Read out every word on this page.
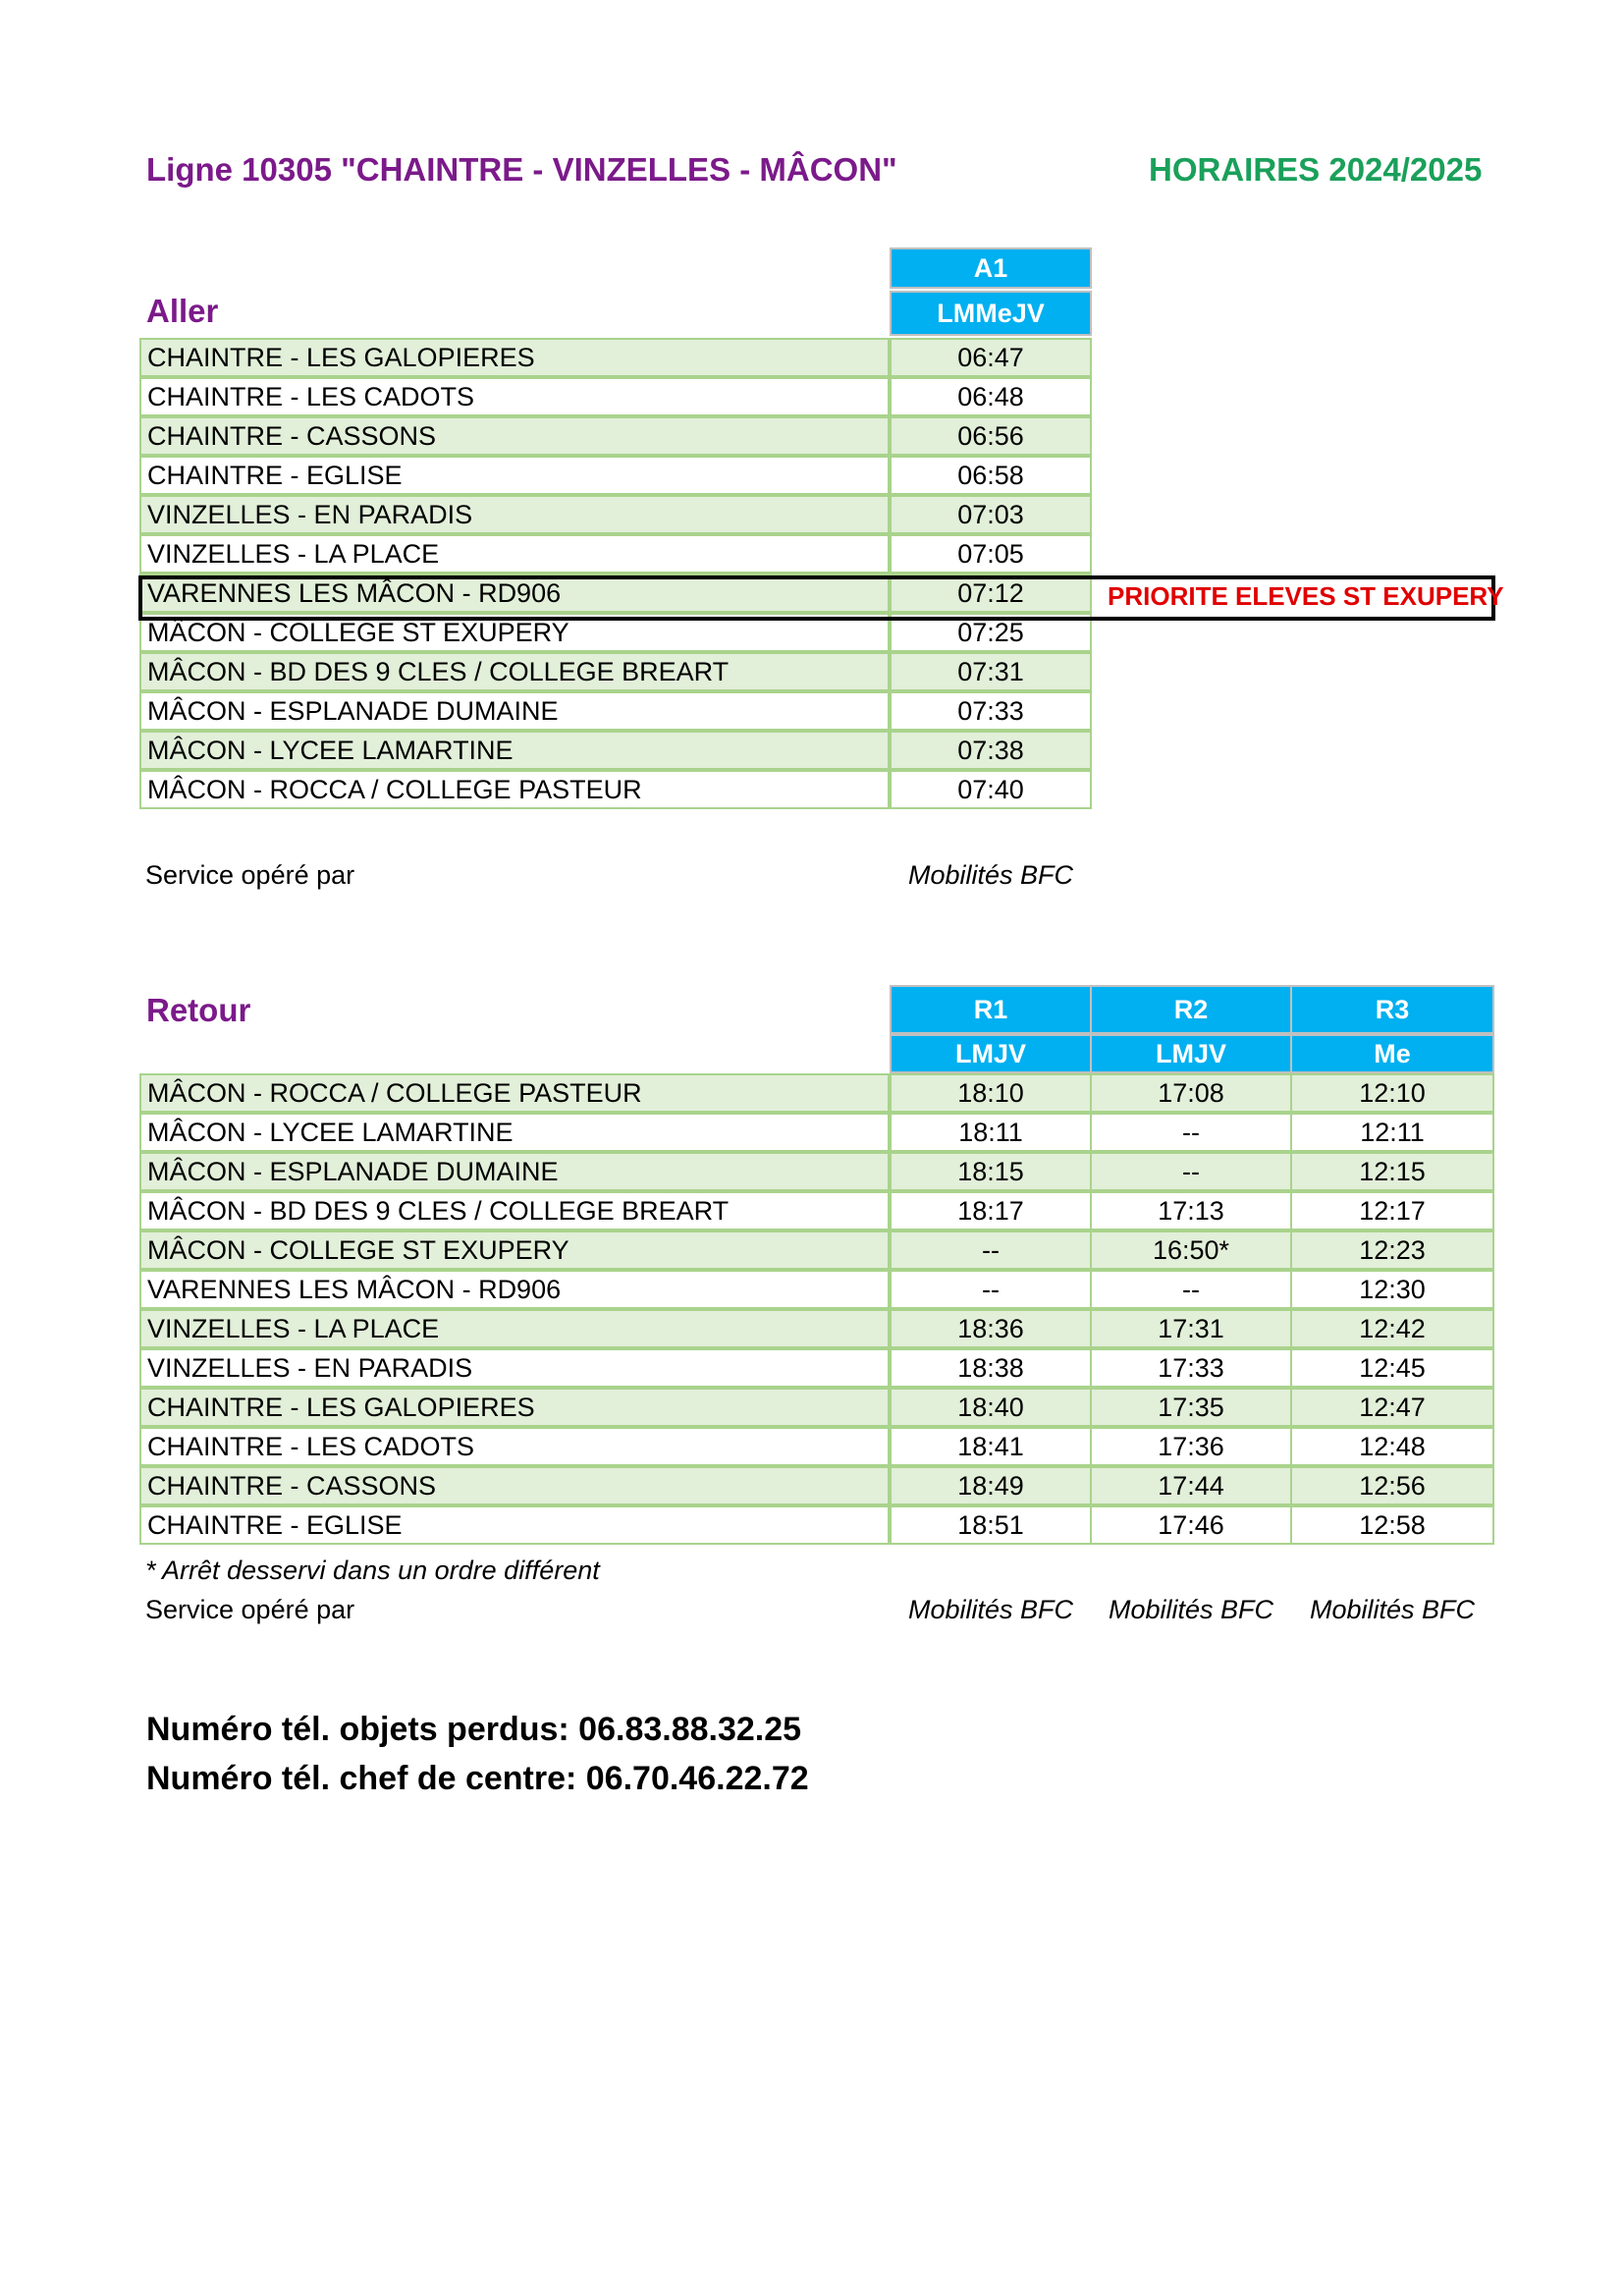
Ligne 10305 "CHAINTRE - VINZELLES - MÂCON"	HORAIRES 2024/2025
Aller
A1
LMMeJV
CHAINTRE - LES GALOPIERES	06:47
CHAINTRE - LES CADOTS	06:48
CHAINTRE - CASSONS	06:56
CHAINTRE - EGLISE	06:58
VINZELLES - EN PARADIS	07:03
VINZELLES - LA PLACE	07:05
VARENNES LES MÂCON - RD906	07:12
MÂCON - COLLEGE ST EXUPERY	07:25
MÂCON - BD DES 9 CLES / COLLEGE BREART	07:31
MÂCON - ESPLANADE DUMAINE	07:33
MÂCON - LYCEE LAMARTINE	07:38
MÂCON - ROCCA / COLLEGE PASTEUR	07:40
PRIORITE ELEVES ST EXUPERY
Service opéré par	Mobilités BFC
Retour	R1	R2	R3
LMJV	LMJV	Me
MÂCON - ROCCA / COLLEGE PASTEUR	18:10	17:08	12:10
MÂCON - LYCEE LAMARTINE	18:11	--	12:11
MÂCON - ESPLANADE DUMAINE	18:15	--	12:15
MÂCON - BD DES 9 CLES / COLLEGE BREART	18:17	17:13	12:17
MÂCON - COLLEGE ST EXUPERY	--	16:50*	12:23
VARENNES LES MÂCON - RD906	--	--	12:30
VINZELLES - LA PLACE	18:36	17:31	12:42
VINZELLES - EN PARADIS	18:38	17:33	12:45
CHAINTRE - LES GALOPIERES	18:40	17:35	12:47
CHAINTRE - LES CADOTS	18:41	17:36	12:48
CHAINTRE - CASSONS	18:49	17:44	12:56
CHAINTRE - EGLISE	18:51	17:46	12:58
* Arrêt desservi dans un ordre différent
Service opéré par	Mobilités BFC	Mobilités BFC	Mobilités BFC
Numéro tél. objets perdus: 06.83.88.32.25
Numéro tél. chef de centre: 06.70.46.22.72
